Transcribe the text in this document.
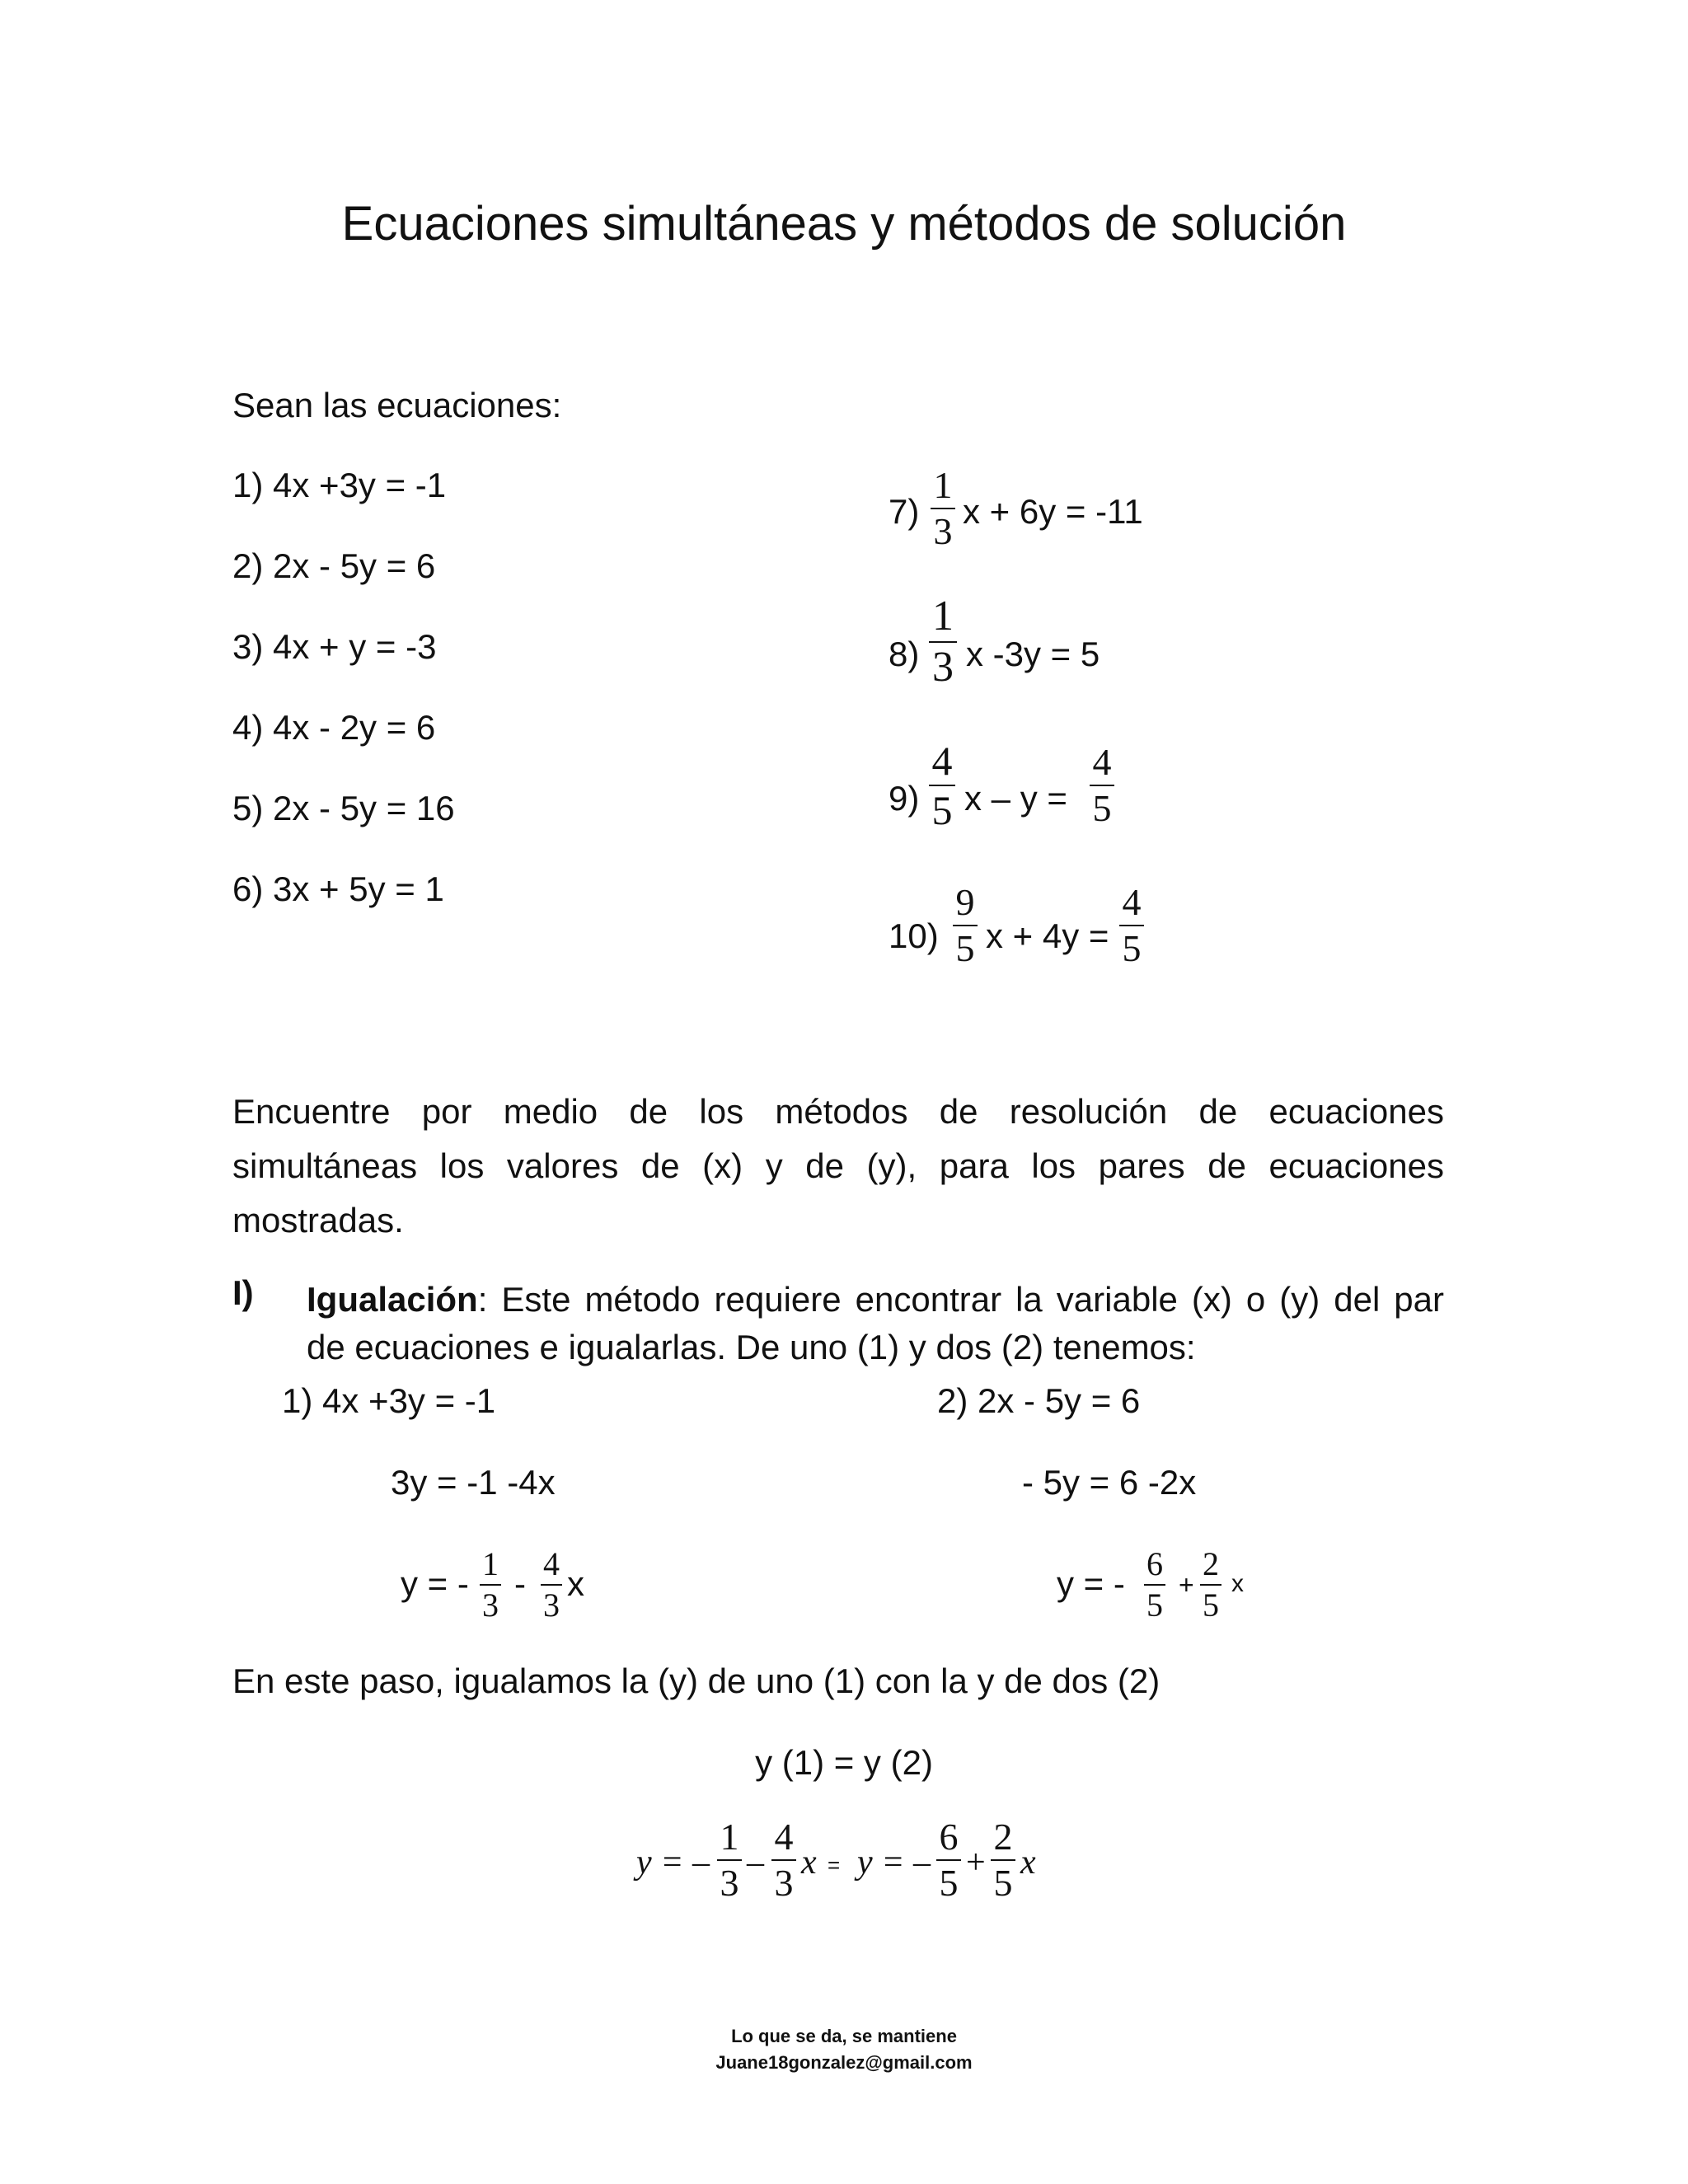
Ecuaciones simultáneas y métodos de solución
Sean las ecuaciones:
1) 4x +3y = -1
2) 2x - 5y = 6
3) 4x + y = -3
4) 4x - 2y = 6
5) 2x - 5y = 16
6) 3x + 5y = 1
7)
1
3 x + 6y = -11
8)
1
3 x -3y = 5
9)
4
5 x – y =
4
5
10)
9
5 x + 4y =
4
5
Encuentre por medio de los métodos de resolución de ecuaciones
simultáneas los valores de (x) y de (y), para los pares de ecuaciones
mostradas.
I) Igualación: Este método requiere encontrar la variable (x) o (y) del par
de ecuaciones e igualarlas. De uno (1) y dos (2) tenemos:
1) 4x +3y = -1	2) 2x - 5y = 6
3y = -1 -4x	- 5y = 6 -2x
y = -
1
3
-
4
3
x	y = -
6
5
+
2
5
x
En este paso, igualamos la (y) de uno (1) con la y de dos (2)
y (1) = y (2)
y = –
1
3 –
4
3 x = y = –
6
5 +
2
5 x
Lo que se da, se mantiene
Juane18gonzalez@gmail.com
